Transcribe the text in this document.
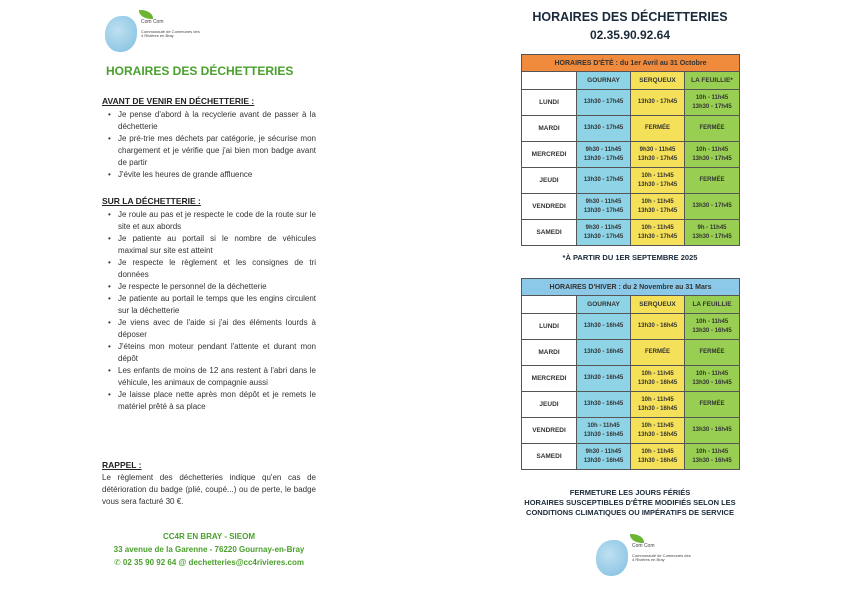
Com Com
Communauté de Communes des 4 Rivières en Bray
HORAIRES DES DÉCHETTERIES
AVANT DE VENIR EN DÉCHETTERIE :
• Je pense d'abord à la recyclerie avant de passer à la déchetterie
• Je pré-trie mes déchets par catégorie, je sécurise mon chargement et je vérifie que j'ai bien mon badge avant de partir
• J'évite les heures de grande affluence
SUR LA DÉCHETTERIE :
• Je roule au pas et je respecte le code de la route sur le site et aux abords
• Je patiente au portail si le nombre de véhicules maximal sur site est atteint
• Je respecte le règlement et les consignes de tri données
• Je respecte le personnel de la déchetterie
• Je patiente au portail le temps que les engins circulent sur la déchetterie
• Je viens avec de l'aide si j'ai des éléments lourds à déposer
• J'éteins mon moteur pendant l'attente et durant mon dépôt
• Les enfants de moins de 12 ans restent à l'abri dans le véhicule, les animaux de compagnie aussi
• Je laisse place nette après mon dépôt et je remets le matériel prêté à sa place
RAPPEL :
Le règlement des déchetteries indique qu'en cas de détérioration du badge (plié, coupé...) ou de perte, le badge vous sera facturé 30 €.
CC4R EN BRAY - SIEOM
33 avenue de la Garenne - 76220 Gournay-en-Bray
✆ 02 35 90 92 64 @ dechetteries@cc4rivieres.com
HORAIRES DES DÉCHETTERIES
02.35.90.92.64
HORAIRES D'ÉTÉ : du 1er Avril au 31 Octobre			
	GOURNAY	SERQUEUX	LA FEUILLIE*
LUNDI	13h30 - 17h45	13h30 - 17h45	10h - 11h45
13h30 - 17h45
MARDI	13h30 - 17h45	FERMÉE	FERMÉE
MERCREDI	9h30 - 11h45
13h30 - 17h45	9h30 - 11h45
13h30 - 17h45	10h - 11h45
13h30 - 17h45
JEUDI	13h30 - 17h45	10h - 11h45
13h30 - 17h45	FERMÉE
VENDREDI	9h30 - 11h45
13h30 - 17h45	10h - 11h45
13h30 - 17h45	13h30 - 17h45
SAMEDI	9h30 - 11h45
13h30 - 17h45	10h - 11h45
13h30 - 17h45	9h - 11h45
13h30 - 17h45
*À PARTIR DU 1ER SEPTEMBRE 2025
HORAIRES D'HIVER : du 2 Novembre au 31 Mars			
	GOURNAY	SERQUEUX	LA FEUILLIE
LUNDI	13h30 - 16h45	13h30 - 16h45	10h - 11h45
13h30 - 16h45
MARDI	13h30 - 16h45	FERMÉE	FERMÉE
MERCREDI	13h30 - 16h45	10h - 11h45
13h30 - 16h45	10h - 11h45
13h30 - 16h45
JEUDI	13h30 - 16h45	10h - 11h45
13h30 - 16h45	FERMÉE
VENDREDI	10h - 11h45
13h30 - 16h45	10h - 11h45
13h30 - 16h45	13h30 - 16h45
SAMEDI	9h30 - 11h45
13h30 - 16h45	10h - 11h45
13h30 - 16h45	10h - 11h45
13h30 - 16h45
FERMETURE LES JOURS FÉRIÉS
HORAIRES SUSCEPTIBLES D'ÊTRE MODIFIÉS SELON LES
CONDITIONS CLIMATIQUES OU IMPÉRATIFS DE SERVICE
Com Com
Communauté de Communes des 4 Rivières en Bray
